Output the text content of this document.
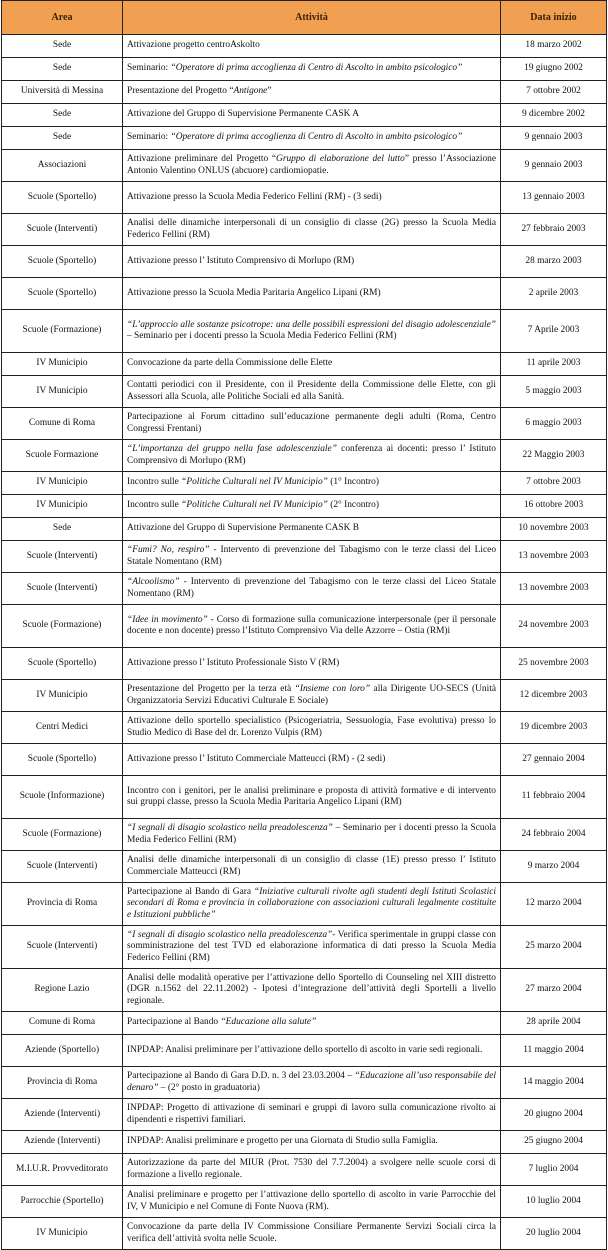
Area	Attività	Data inizio
Sede	Attivazione progetto centroAskolto	18 marzo 2002
Sede	Seminario: “Operatore di prima accoglienza di Centro di Ascolto in ambito psicologico”	19 giugno 2002
Università di Messina	Presentazione del Progetto “Antigone”	7 ottobre 2002
Sede	Attivazione del Gruppo di Supervisione Permanente CASK A	9 dicembre 2002
Sede	Seminario: “Operatore di prima accoglienza di Centro di Ascolto in ambito psicologico”	9 gennaio 2003
Associazioni	Attivazione preliminare del Progetto “Gruppo di elaborazione del lutto” presso l’Associazione Antonio Valentino ONLUS (abcuore) cardiomiopatie.	9 gennaio 2003
Scuole (Sportello)	Attivazione presso la Scuola Media Federico Fellini (RM) - (3 sedi)	13 gennaio 2003
Scuole (Interventi)	Analisi delle dinamiche interpersonali di un consiglio di classe (2G) presso la Scuola Media Federico Fellini (RM)	27 febbraio 2003
Scuole (Sportello)	Attivazione presso l’ Istituto Comprensivo di Morlupo (RM)	28 marzo 2003
Scuole (Sportello)	Attivazione presso la Scuola Media Paritaria Angelico Lipani (RM)	2 aprile 2003
Scuole (Formazione)	“L’approccio alle sostanze psicotrope: una delle possibili espressioni del disagio adolescenziale” – Seminario per i docenti presso la Scuola Media Federico Fellini (RM)	7 Aprile 2003
IV Municipio	Convocazione da parte della Commissione delle Elette	11 aprile 2003
IV Municipio	Contatti periodici con il Presidente, con il Presidente della Commissione delle Elette, con gli Assessori alla Scuola, alle Politiche Sociali ed alla Sanità.	5 maggio 2003
Comune di Roma	Partecipazione al Forum cittadino sull’educazione permanente degli adulti (Roma, Centro Congressi Frentani)	6 maggio 2003
Scuole Formazione	“L’importanza del gruppo nella fase adolescenziale” conferenza ai docenti: presso l’ Istituto Comprensivo di Morlupo (RM)	22 Maggio 2003
IV Municipio	Incontro sulle “Politiche Culturali nel IV Municipio” (1° Incontro)	7 ottobre 2003
IV Municipio	Incontro sulle “Politiche Culturali nel IV Municipio” (2° Incontro)	16 ottobre 2003
Sede	Attivazione del Gruppo di Supervisione Permanente CASK B	10 novembre 2003
Scuole (Interventi)	“Fumi? No, respiro” - Intervento di prevenzione del Tabagismo con le terze classi del Liceo Statale Nomentano (RM)	13 novembre 2003
Scuole (Interventi)	“Alcoolismo” - Intervento di prevenzione del Tabagismo con le terze classi del Liceo Statale Nomentano (RM)	13 novembre 2003
Scuole (Formazione)	“Idee in movimento” - Corso di formazione sulla comunicazione interpersonale (per il personale docente e non docente) presso l’Istituto Comprensivo Via delle Azzorre – Ostia (RM)i	24 novembre 2003
Scuole (Sportello)	Attivazione presso l’ Istituto Professionale Sisto V (RM)	25 novembre 2003
IV Municipio	Presentazione del Progetto per la terza età “Insieme con loro” alla Dirigente UO-SECS (Unità Organizzatoria Servizi Educativi Culturale E Sociale)	12 dicembre 2003
Centri Medici	Attivazione dello sportello specialistico (Psicogeriatria, Sessuologia, Fase evolutiva) presso lo Studio Medico di Base del dr. Lorenzo Vulpis (RM)	19 dicembre 2003
Scuole (Sportello)	Attivazione presso l’ Istituto Commerciale Matteucci (RM) - (2 sedi)	27 gennaio 2004
Scuole (Informazione)	Incontro con i genitori, per le analisi preliminare e proposta di attività formative e di intervento sui gruppi classe, presso la Scuola Media Paritaria Angelico Lipani (RM)	11 febbraio 2004
Scuole (Formazione)	“I segnali di disagio scolastico nella preadolescenza” – Seminario per i docenti presso la Scuola Media Federico Fellini (RM)	24 febbraio 2004
Scuole (Interventi)	Analisi delle dinamiche interpersonali di un consiglio di classe (1E) presso presso l’ Istituto Commerciale Matteucci (RM)	9 marzo 2004
Provincia di Roma	Partecipazione al Bando di Gara “Iniziative culturali rivolte agli studenti degli Istituti Scolastici secondari di Roma e provincia in collaborazione con associazioni culturali legalmente costituite e Istituzioni pubbliche”	12 marzo 2004
Scuole (Interventi)	“I segnali di disagio scolastico nella preadolescenza”- Verifica sperimentale in gruppi classe con somministrazione del test TVD ed elaborazione informatica di dati presso la Scuola Media Federico Fellini (RM)	25 marzo 2004
Regione Lazio	Analisi delle modalità operative per l’attivazione dello Sportello di Counseling nel XIII distretto (DGR n.1562 del 22.11.2002) - Ipotesi d’integrazione dell’attività degli Sportelli a livello regionale.	27 marzo 2004
Comune di Roma	Partecipazione al Bando “Educazione alla salute”	28 aprile 2004
Aziende (Sportello)	INPDAP: Analisi preliminare per l’attivazione dello sportello di ascolto in varie sedi regionali.	11 maggio 2004
Provincia di Roma	Partecipazione al Bando di Gara D.D. n. 3 del 23.03.2004 – “Educazione all’uso responsabile del denaro” – (2° posto in graduatoria)	14 maggio 2004
Aziende (Interventi)	INPDAP: Progetto di attivazione di seminari e gruppi di lavoro sulla comunicazione rivolto ai dipendenti e rispettivi familiari.	20 giugno 2004
Aziende (Interventi)	INPDAP: Analisi preliminare e progetto per una Giornata di Studio sulla Famiglia.	25 giugno 2004
M.I.U.R. Provveditorato	Autorizzazione da parte del MIUR (Prot. 7530 del 7.7.2004) a svolgere nelle scuole corsi di formazione a livello regionale.	7 luglio 2004
Parrocchie (Sportello)	Analisi preliminare e progetto per l’attivazione dello sportello di ascolto in varie Parrocchie del IV, V Municipio e nel Comune di Fonte Nuova (RM).	10 luglio 2004
IV Municipio	Convocazione da parte della IV Commissione Consiliare Permanente Servizi Sociali circa la verifica dell’attività svolta nelle Scuole.	20 luglio 2004
